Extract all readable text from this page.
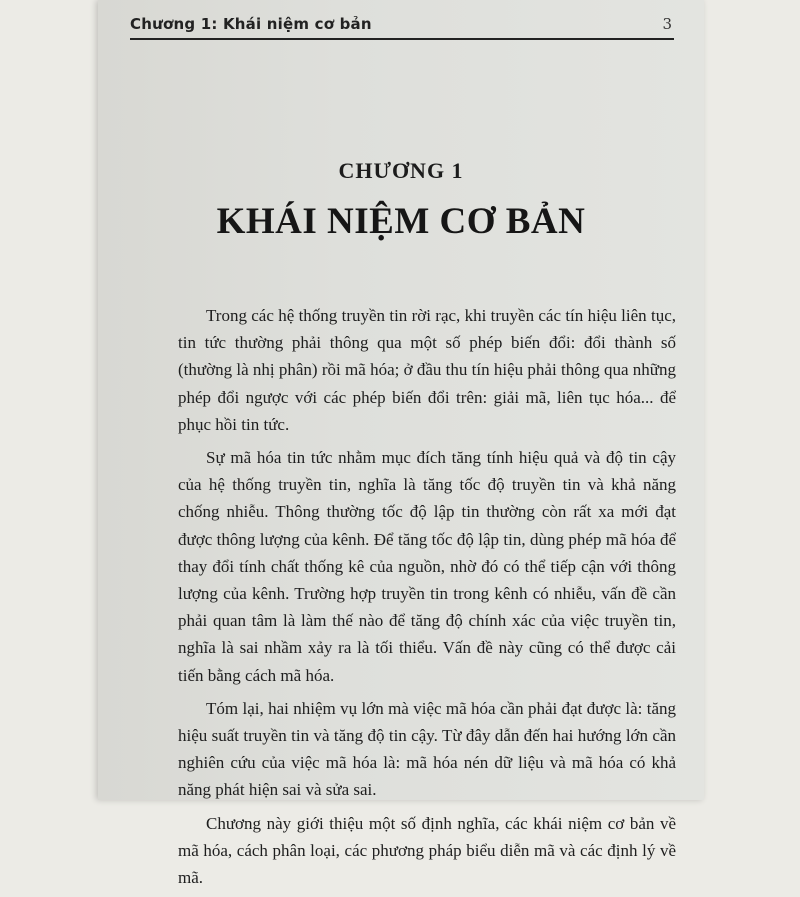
Chương 1: Khái niệm cơ bản	3
CHƯƠNG 1
KHÁI NIỆM CƠ BẢN

Trong các hệ thống truyền tin rời rạc, khi truyền các tín hiệu liên tục, tin tức thường phải thông qua một số phép biến đổi: đổi thành số (thường là nhị phân) rồi mã hóa; ở đầu thu tín hiệu phải thông qua những phép đổi ngược với các phép biến đổi trên: giải mã, liên tục hóa... để phục hồi tin tức.

Sự mã hóa tin tức nhằm mục đích tăng tính hiệu quả và độ tin cậy của hệ thống truyền tin, nghĩa là tăng tốc độ truyền tin và khả năng chống nhiễu. Thông thường tốc độ lập tin thường còn rất xa mới đạt được thông lượng của kênh. Để tăng tốc độ lập tin, dùng phép mã hóa để thay đổi tính chất thống kê của nguồn, nhờ đó có thể tiếp cận với thông lượng của kênh. Trường hợp truyền tin trong kênh có nhiễu, vấn đề cần phải quan tâm là làm thế nào để tăng độ chính xác của việc truyền tin, nghĩa là sai nhầm xảy ra là tối thiểu. Vấn đề này cũng có thể được cải tiến bằng cách mã hóa.

Tóm lại, hai nhiệm vụ lớn mà việc mã hóa cần phải đạt được là: tăng hiệu suất truyền tin và tăng độ tin cậy. Từ đây dẫn đến hai hướng lớn cần nghiên cứu của việc mã hóa là: mã hóa nén dữ liệu và mã hóa có khả năng phát hiện sai và sửa sai.

Chương này giới thiệu một số định nghĩa, các khái niệm cơ bản về mã hóa, cách phân loại, các phương pháp biểu diễn mã và các định lý về mã.
